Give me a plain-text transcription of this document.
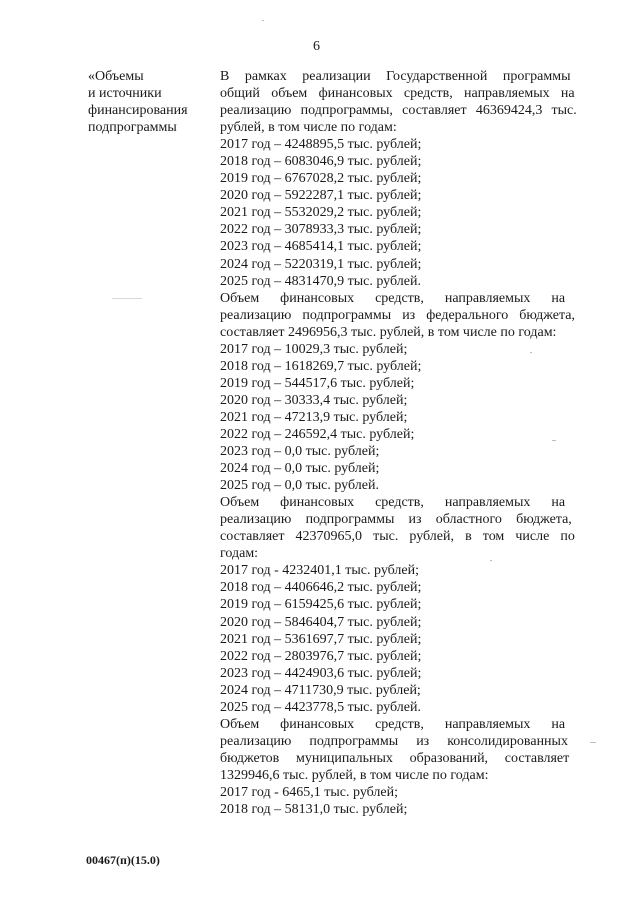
6
«Объемы
и источники
финансирования
подпрограммы
В рамках реализации Государственной программы
общий объем финансовых средств, направляемых на
реализацию подпрограммы, составляет 46369424,3 тыс.
рублей, в том числе по годам:
2017 год – 4248895,5 тыс. рублей;
2018 год – 6083046,9 тыс. рублей;
2019 год – 6767028,2 тыс. рублей;
2020 год – 5922287,1 тыс. рублей;
2021 год – 5532029,2 тыс. рублей;
2022 год – 3078933,3 тыс. рублей;
2023 год – 4685414,1 тыс. рублей;
2024 год – 5220319,1 тыс. рублей;
2025 год – 4831470,9 тыс. рублей.
Объем финансовых средств, направляемых на
реализацию подпрограммы из федерального бюджета,
составляет 2496956,3 тыс. рублей, в том числе по годам:
2017 год – 10029,3 тыс. рублей;
2018 год – 1618269,7 тыс. рублей;
2019 год – 544517,6 тыс. рублей;
2020 год – 30333,4 тыс. рублей;
2021 год – 47213,9 тыс. рублей;
2022 год – 246592,4 тыс. рублей;
2023 год – 0,0 тыс. рублей;
2024 год – 0,0 тыс. рублей;
2025 год – 0,0 тыс. рублей.
Объем финансовых средств, направляемых на
реализацию подпрограммы из областного бюджета,
составляет 42370965,0 тыс. рублей, в том числе по
годам:
2017 год - 4232401,1 тыс. рублей;
2018 год – 4406646,2 тыс. рублей;
2019 год – 6159425,6 тыс. рублей;
2020 год – 5846404,7 тыс. рублей;
2021 год – 5361697,7 тыс. рублей;
2022 год – 2803976,7 тыс. рублей;
2023 год – 4424903,6 тыс. рублей;
2024 год – 4711730,9 тыс. рублей;
2025 год – 4423778,5 тыс. рублей.
Объем финансовых средств, направляемых на
реализацию подпрограммы из консолидированных
бюджетов муниципальных образований, составляет
1329946,6 тыс. рублей, в том числе по годам:
2017 год - 6465,1 тыс. рублей;
2018 год – 58131,0 тыс. рублей;
00467(п)(15.0)
